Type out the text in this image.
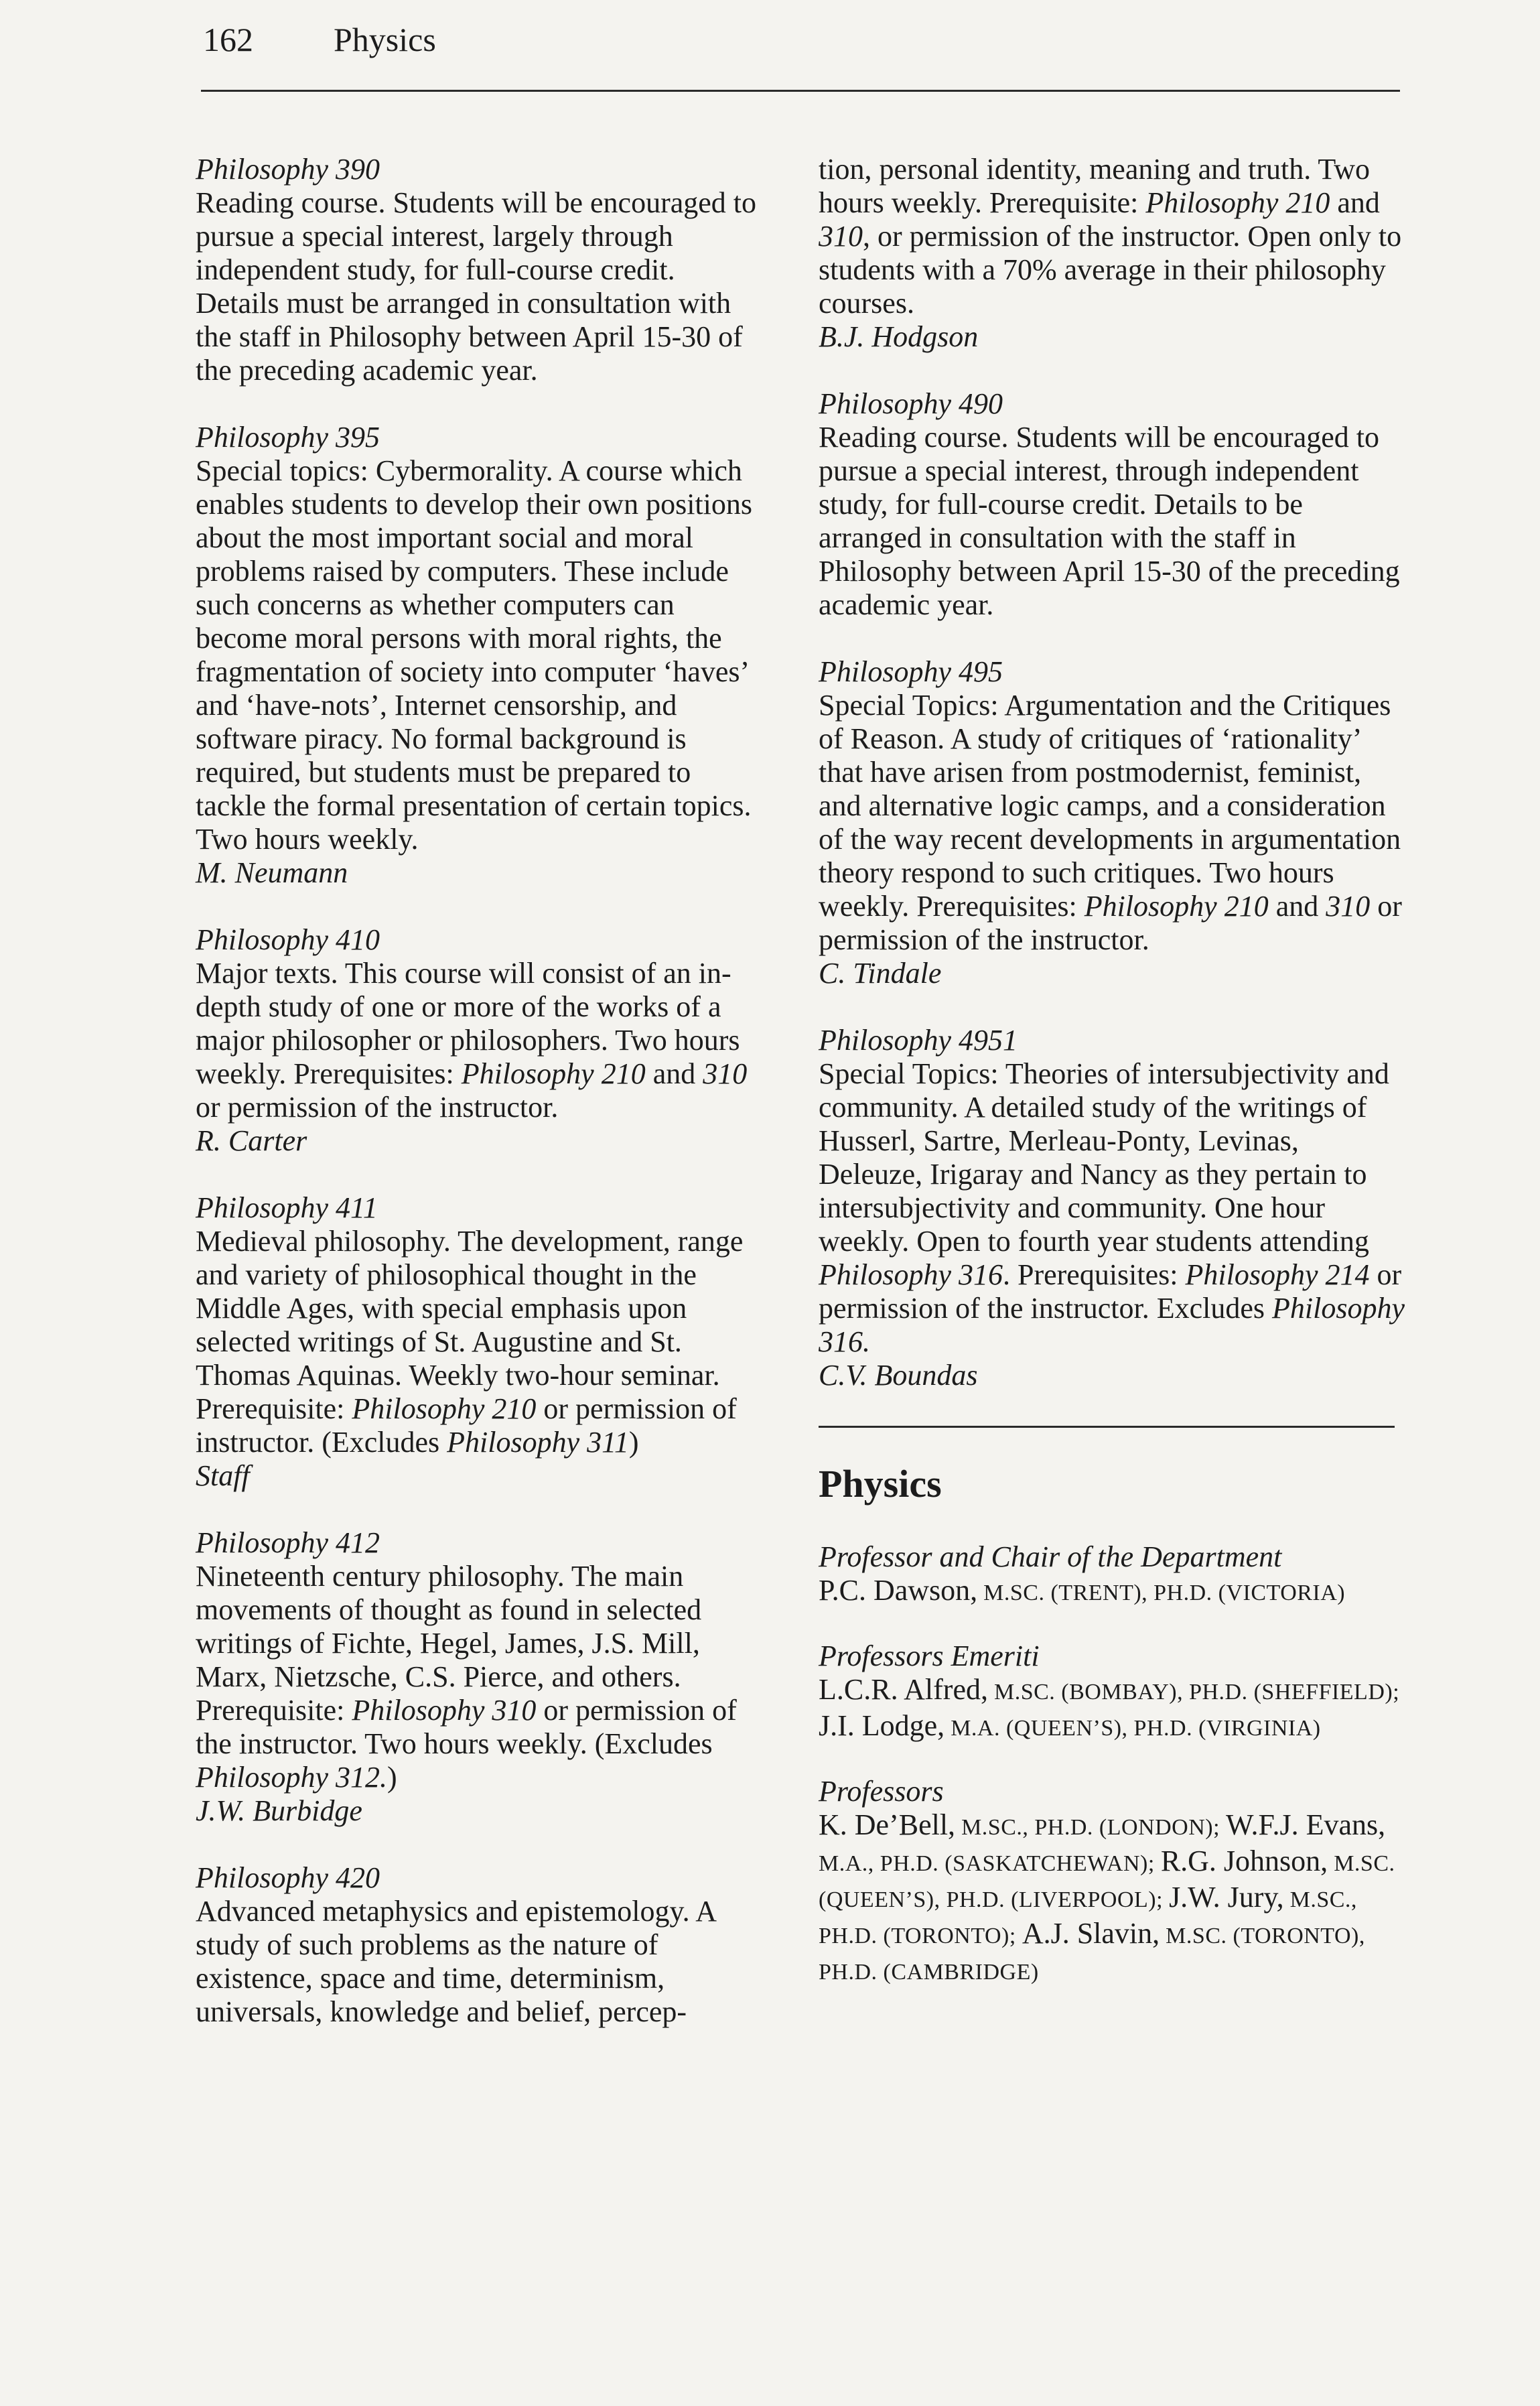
162 Physics
Philosophy 390

Reading course. Students will be encouraged to pursue a special interest, largely through independent study, for full-course credit. Details must be arranged in consultation with the staff in Philosophy between April 15-30 of the preceding academic year.

Philosophy 395

Special topics: Cybermorality. A course which enables students to develop their own positions about the most important social and moral problems raised by computers. These include such concerns as whether computers can become moral persons with moral rights, the fragmentation of society into computer ‘haves’ and ‘have-nots’, Internet censorship, and software piracy. No formal background is required, but students must be prepared to tackle the formal presentation of certain topics. Two hours weekly.

M. Neumann
Philosophy 410

Major texts. This course will consist of an in-depth study of one or more of the works of a major philosopher or philosophers. Two hours weekly. Prerequisites: Philosophy 210 and 310 or permission of the instructor.

R. Carter
Philosophy 411

Medieval philosophy. The development, range and variety of philosophical thought in the Middle Ages, with special emphasis upon selected writings of St. Augustine and St. Thomas Aquinas. Weekly two-hour seminar. Prerequisite: Philosophy 210 or permission of instructor. (Excludes Philosophy 311)

Staff
Philosophy 412

Nineteenth century philosophy. The main movements of thought as found in selected writings of Fichte, Hegel, James, J.S. Mill, Marx, Nietzsche, C.S. Pierce, and others. Prerequisite: Philosophy 310 or permission of the instructor. Two hours weekly. (Excludes Philosophy 312.)

J.W. Burbidge
Philosophy 420

Advanced metaphysics and epistemology. A study of such problems as the nature of existence, space and time, determinism, universals, knowledge and belief, percep-

tion, personal identity, meaning and truth. Two hours weekly. Prerequisite: Philosophy 210 and 310, or permission of the instructor. Open only to students with a 70% average in their philosophy courses.

B.J. Hodgson
Philosophy 490

Reading course. Students will be encouraged to pursue a special interest, through independent study, for full-course credit. Details to be arranged in consultation with the staff in Philosophy between April 15-30 of the preceding academic year.

Philosophy 495

Special Topics: Argumentation and the Critiques of Reason. A study of critiques of ‘rationality’ that have arisen from postmodernist, feminist, and alternative logic camps, and a consideration of the way recent developments in argumentation theory respond to such critiques. Two hours weekly. Prerequisites: Philosophy 210 and 310 or permission of the instructor.

C. Tindale
Philosophy 4951

Special Topics: Theories of intersubjectivity and community. A detailed study of the writings of Husserl, Sartre, Merleau-Ponty, Levinas, Deleuze, Irigaray and Nancy as they pertain to intersubjectivity and community. One hour weekly. Open to fourth year students attending Philosophy 316. Prerequisites: Philosophy 214 or permission of the instructor. Excludes Philosophy 316.

C.V. Boundas
Physics
Professor and Chair of the Department

P.C. Dawson, M.SC. (TRENT), PH.D. (VICTORIA)

Professors Emeriti

L.C.R. Alfred, M.SC. (BOMBAY), PH.D. (SHEFFIELD); J.I. Lodge, M.A. (QUEEN’S), PH.D. (VIRGINIA)

Professors

K. De’Bell, M.SC., PH.D. (LONDON); W.F.J. Evans, M.A., PH.D. (SASKATCHEWAN); R.G. Johnson, M.SC.(QUEEN’S), PH.D. (LIVERPOOL); J.W. Jury, M.SC., PH.D. (TORONTO); A.J. Slavin, M.SC. (TORONTO), PH.D. (CAMBRIDGE)
